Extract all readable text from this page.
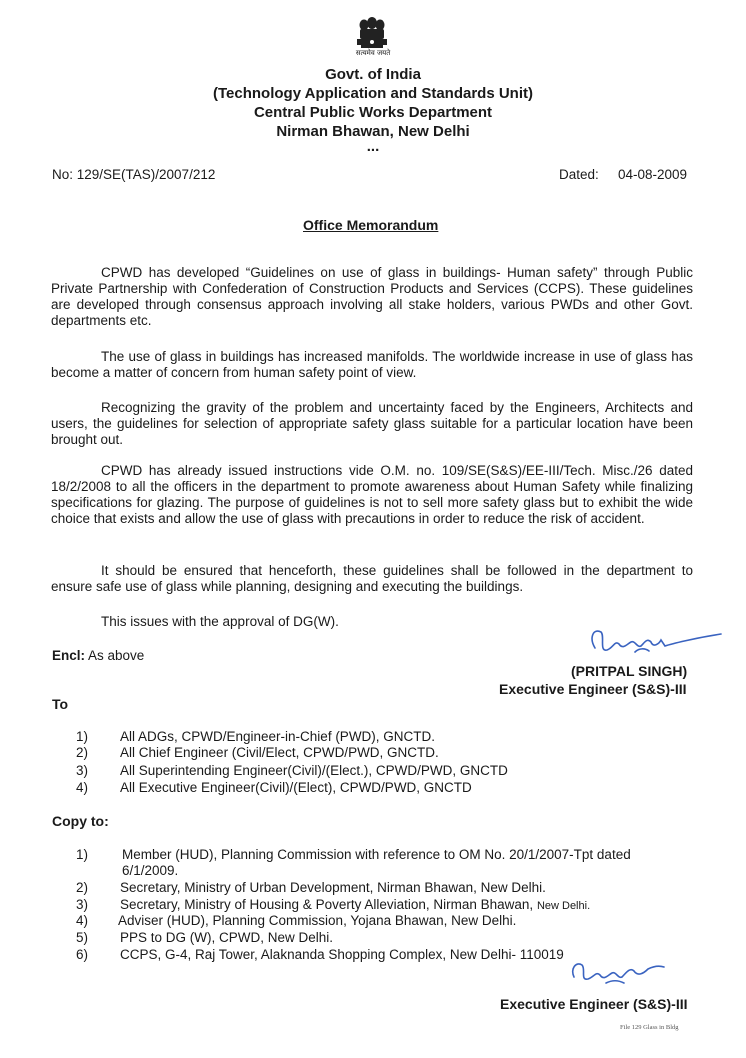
सत्यमेव जयते
Govt. of India
(Technology Application and Standards Unit)
Central Public Works Department
Nirman Bhawan, New Delhi
...
No: 129/SE(TAS)/2007/212	Dated: 04-08-2009
Office Memorandum
CPWD has developed “Guidelines on use of glass in buildings- Human safety” through Public Private Partnership with Confederation of Construction Products and Services (CCPS). These guidelines are developed through consensus approach involving all stake holders, various PWDs and other Govt. departments etc.
The use of glass in buildings has increased manifolds. The worldwide increase in use of glass has become a matter of concern from human safety point of view.
Recognizing the gravity of the problem and uncertainty faced by the Engineers, Architects and users, the guidelines for selection of appropriate safety glass suitable for a particular location have been brought out.
CPWD has already issued instructions vide O.M. no. 109/SE(S&S)/EE-III/Tech. Misc./26 dated 18/2/2008 to all the officers in the department to promote awareness about Human Safety while finalizing specifications for glazing. The purpose of guidelines is not to sell more safety glass but to exhibit the wide choice that exists and allow the use of glass with precautions in order to reduce the risk of accident.
It should be ensured that henceforth, these guidelines shall be followed in the department to ensure safe use of glass while planning, designing and executing the buildings.
This issues with the approval of DG(W).
Encl: As above
(PRITPAL SINGH)
Executive Engineer (S&S)-III
To
1) All ADGs, CPWD/Engineer-in-Chief (PWD), GNCTD.
2) All Chief Engineer (Civil/Elect, CPWD/PWD, GNCTD.
3) All Superintending Engineer(Civil)/(Elect.), CPWD/PWD, GNCTD
4) All Executive Engineer(Civil)/(Elect), CPWD/PWD, GNCTD
Copy to:
1)	Member (HUD), Planning Commission with reference to OM No. 20/1/2007-Tpt dated
6/1/2009.
2) Secretary, Ministry of Urban Development, Nirman Bhawan, New Delhi.
3) Secretary, Ministry of Housing & Poverty Alleviation, Nirman Bhawan, New Delhi.
4) Adviser (HUD), Planning Commission, Yojana Bhawan, New Delhi.
5) PPS to DG (W), CPWD, New Delhi.
6) CCPS, G-4, Raj Tower, Alaknanda Shopping Complex, New Delhi- 110019
Executive Engineer (S&S)-III
File 129 Glass in Bldg
